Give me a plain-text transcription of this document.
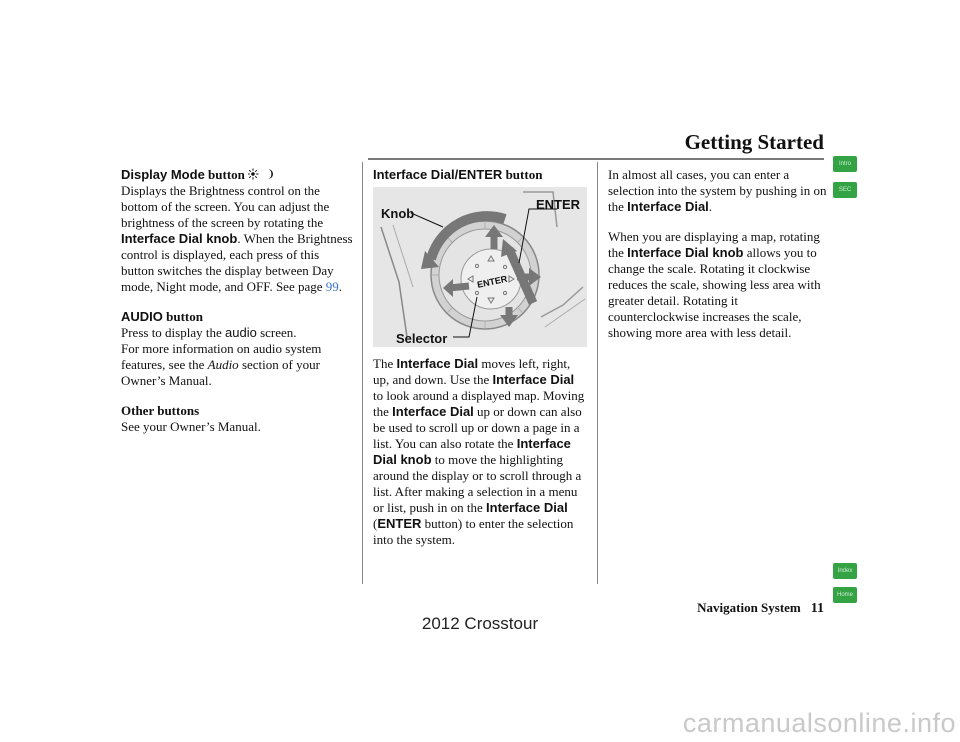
Getting Started

Display Mode button
Displays the Brightness control on the bottom of the screen. You can adjust the brightness of the screen by rotating the Interface Dial knob. When the Brightness control is displayed, each press of this button switches the display between Day mode, Night mode, and OFF. See page 99.

AUDIO button
Press to display the audio screen.
For more information on audio system features, see the Audio section of your Owner’s Manual.

Other buttons
See your Owner’s Manual.

Interface Dial/ENTER button

ENTER
Knob
ENTER
Selector

The Interface Dial moves left, right, up, and down. Use the Interface Dial to look around a displayed map. Moving the Interface Dial up or down can also be used to scroll up or down a page in a list. You can also rotate the Interface Dial knob to move the highlighting around the display or to scroll through a list. After making a selection in a menu or list, push in on the Interface Dial (ENTER button) to enter the selection into the system.

In almost all cases, you can enter a selection into the system by pushing in on the Interface Dial.

When you are displaying a map, rotating the Interface Dial knob allows you to change the scale. Rotating it clockwise reduces the scale, showing less area with greater detail. Rotating it counterclockwise increases the scale, showing more area with less detail.

Intro
SEC
Index
Home
Navigation System 11
2012 Crosstour
carmanualsonline.info
